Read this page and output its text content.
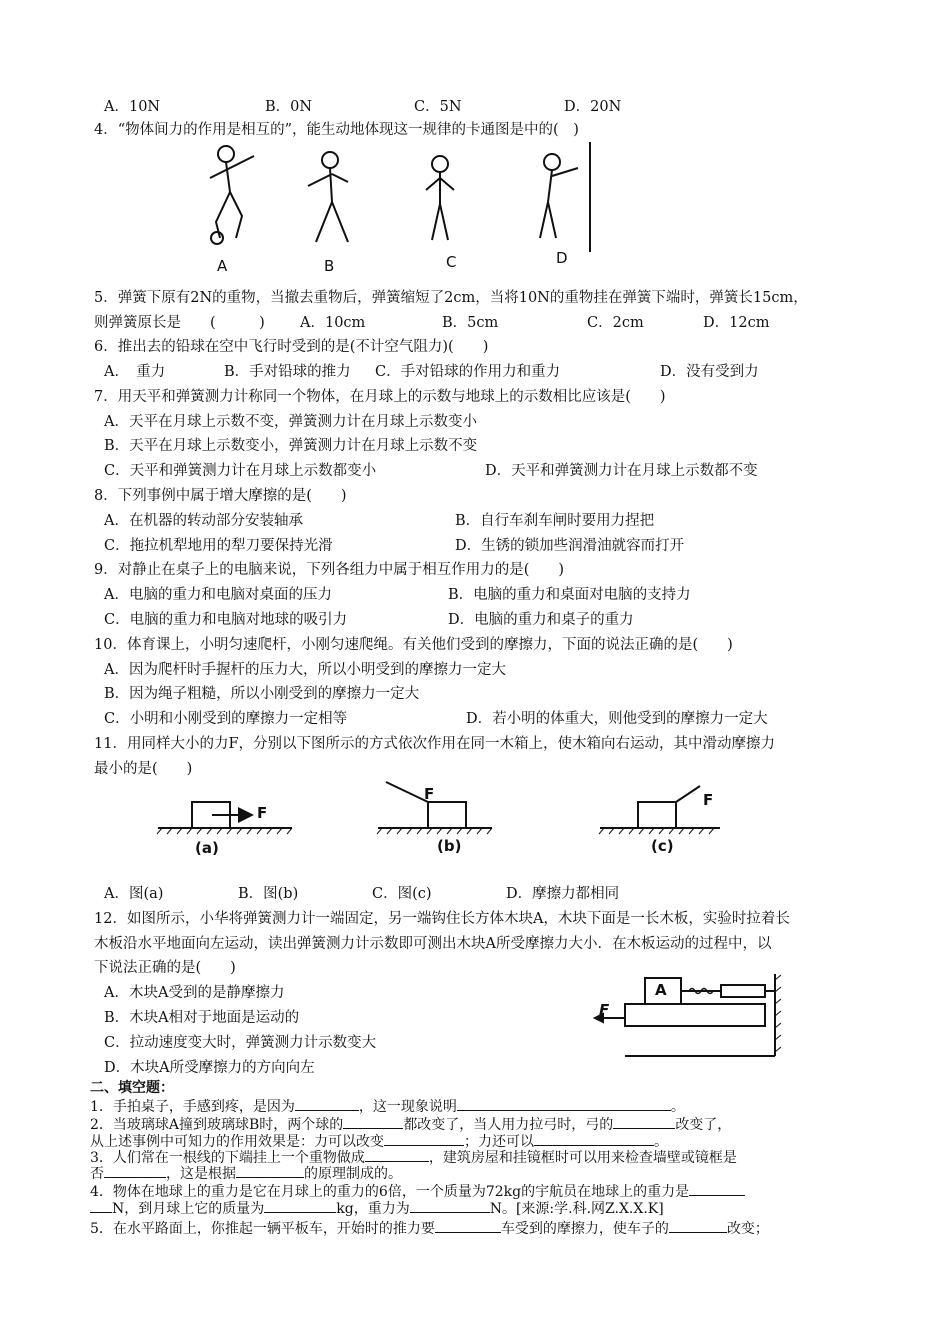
A．10N	B．0N	C．5N	D．20N
4．“物体间力的作用是相互的”，能生动地体现这一规律的卡通图是中的(　)
A	B	C	D
5．弹簧下原有2N的重物，当撤去重物后，弹簧缩短了2cm，当将10N的重物挂在弹簧下端时，弹簧长15cm，
则弹簧原长是　　(　　　) A．10cm	B．5cm	C．2cm	D．12cm
6．推出去的铅球在空中飞行时受到的是(不计空气阻力)(　　)
A．　重力	B．手对铅球的推力 C．手对铅球的作用力和重力	D．没有受到力
7．用天平和弹簧测力计称同一个物体，在月球上的示数与地球上的示数相比应该是(　　)
A．天平在月球上示数不变，弹簧测力计在月球上示数变小
B．天平在月球上示数变小，弹簧测力计在月球上示数不变
C．天平和弹簧测力计在月球上示数都变小	D．天平和弹簧测力计在月球上示数都不变
8．下列事例中属于增大摩擦的是(　　)
A．在机器的转动部分安装轴承	B．自行车刹车闸时要用力捏把
C．拖拉机犁地用的犁刀要保持光滑	D．生锈的锁加些润滑油就容而打开
9．对静止在桌子上的电脑来说，下列各组力中属于相互作用力的是(　　)
A．电脑的重力和电脑对桌面的压力	B．电脑的重力和桌面对电脑的支持力
C．电脑的重力和电脑对地球的吸引力	D．电脑的重力和桌子的重力
10．体育课上，小明匀速爬杆，小刚匀速爬绳。有关他们受到的摩擦力，下面的说法正确的是(　　)
A．因为爬杆时手握杆的压力大，所以小明受到的摩擦力一定大
B．因为绳子粗糙，所以小刚受到的摩擦力一定大
C．小明和小刚受到的摩擦力一定相等	D．若小明的体重大，则他受到的摩擦力一定大
11．用同样大小的力F，分别以下图所示的方式依次作用在同一木箱上，使木箱向右运动，其中滑动摩擦力
最小的是(　　)
F
F	F
(a)	(b)	(c)
A．图(a)	B．图(b)	C．图(c)	D．摩擦力都相同
12．如图所示，小华将弹簧测力计一端固定，另一端钩住长方体木块A，木块下面是一长木板，实验时拉着长
木板沿水平地面向左运动，读出弹簧测力计示数即可测出木块A所受摩擦力大小．在木板运动的过程中，以
下说法正确的是(　　)
A．木块A受到的是静摩擦力
B．木块A相对于地面是运动的
C．拉动速度变大时，弹簧测力计示数变大
D．木块A所受摩擦力的方向向左
A
F
二、填空题：
1．手拍桌子，手感到疼，是因为	，这一现象说明	。
2．当玻璃球A撞到玻璃球B时，两个球的	都改变了，当人用力拉弓时，弓的	改变了，
从上述事例中可知力的作用效果是：力可以改变	；力还可以	。
3．人们常在一根线的下端挂上一个重物做成	，建筑房屋和挂镜框时可以用来检查墙壁或镜框是
否	，这是根据	的原理制成的。
4．物体在地球上的重力是它在月球上的重力的6倍，一个质量为72kg的宇航员在地球上的重力是
N，到月球上它的质量为	kg，重力为	N。[来源:学.科.网Z.X.X.K]
5．在水平路面上，你推起一辆平板车，开始时的推力要	车受到的摩擦力，使车子的	改变；
